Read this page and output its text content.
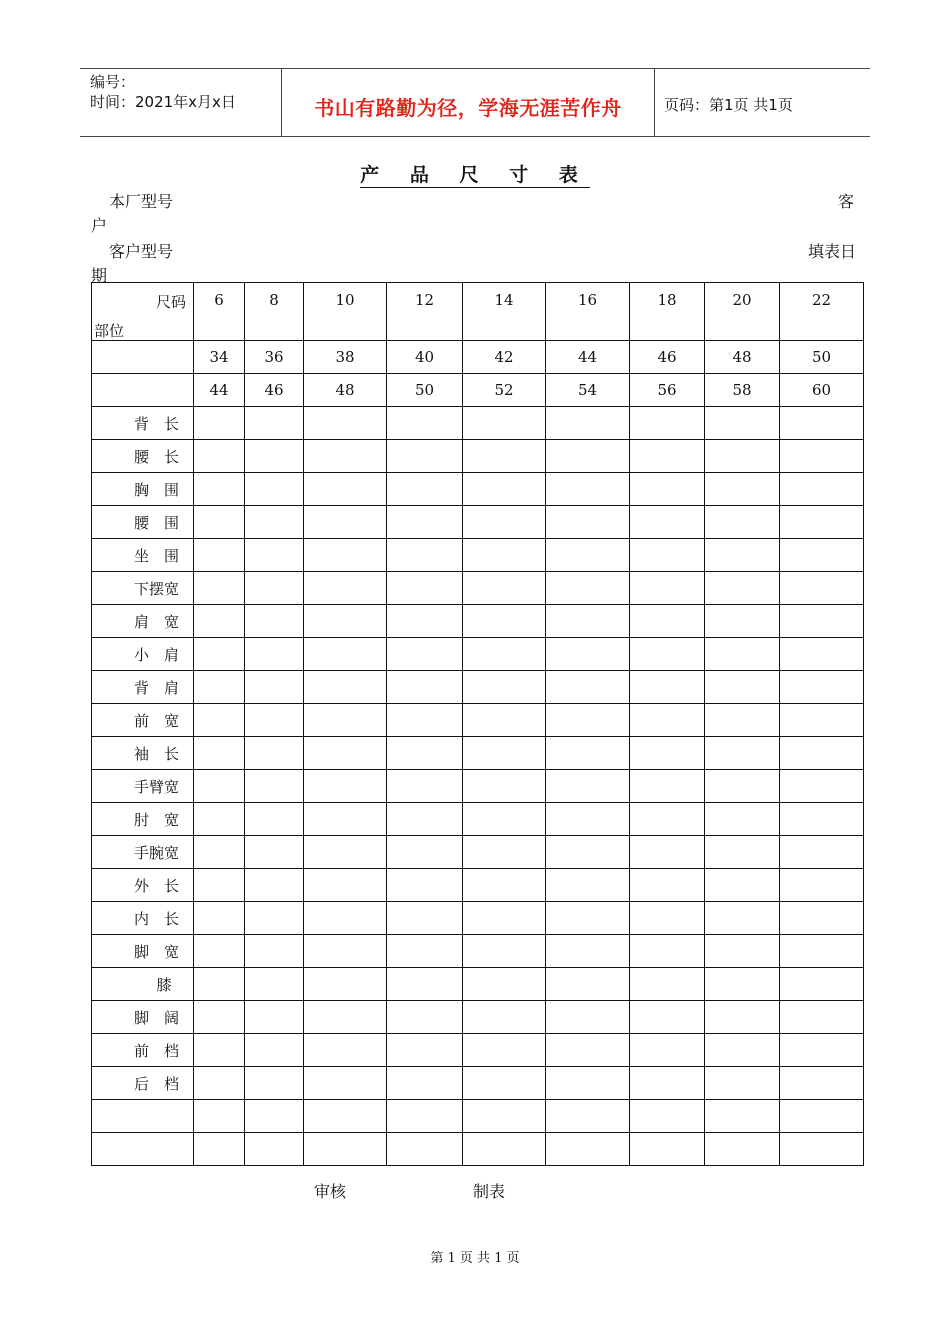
编号：
时间：2021年x月x日	书山有路勤为径，学海无涯苦作舟	页码：第1页 共1页
产 品 尺 寸 表
本厂型号	客
户
客户型号	填表日
期
尺码
部位	6	8	10	12	14	16	18	20	22
	34	36	38	40	42	44	46	48	50
	44	46	48	50	52	54	56	58	60
背　长									
腰　长									
胸　围									
腰　围									
坐　围									
下摆宽									
肩　宽									
小　肩									
背　肩									
前　宽									
袖　长									
手臂宽									
肘　宽									
手腕宽									
外　长									
内　长									
脚　宽									
　膝									
脚　阔									
前　档									
后　档									

审核	制表
第 1 页 共 1 页
